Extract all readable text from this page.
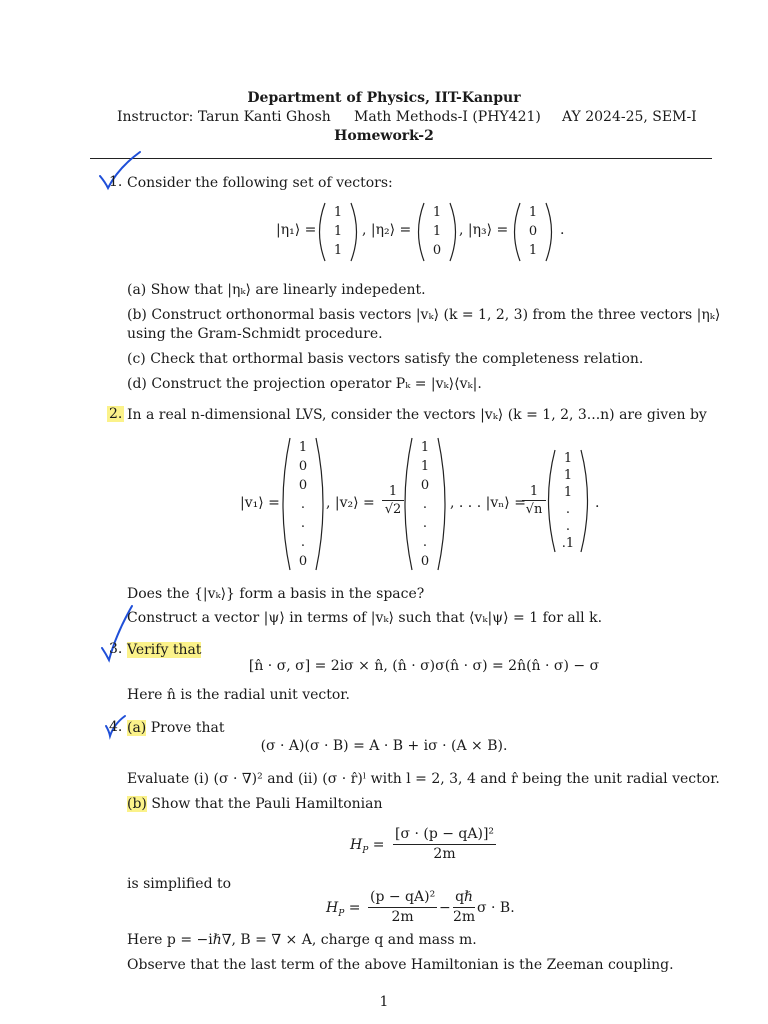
Department of Physics, IIT-Kanpur
Instructor: Tarun Kanti Ghosh Math Methods-I (PHY421) AY 2024-25, SEM-I
Homework-2
1. Consider the following set of vectors:
|η₁⟩ =
1
1
1
, |η₂⟩ =
1
1
0
, |η₃⟩ =
1
0
1
.
(a) Show that |ηₖ⟩ are linearly indepedent.
(b) Construct orthonormal basis vectors |vₖ⟩ (k = 1, 2, 3) from the three vectors |ηₖ⟩ using the Gram-Schmidt procedure.
(c) Check that orthormal basis vectors satisfy the completeness relation.
(d) Construct the projection operator Pₖ = |vₖ⟩⟨vₖ|.
2. In a real n-dimensional LVS, consider the vectors |vₖ⟩ (k = 1, 2, 3...n) are given by
|v₁⟩ =
1
0
0
.
.
.
0
, |v₂⟩ = $\frac{1}{√2}$
1
1
0
.
.
.
0
, . . . |vₙ⟩ =
$\frac{1}{√n}$
1
1
1
.
.
.1
.
Does the {|vₖ⟩} form a basis in the space?
Construct a vector |ψ⟩ in terms of |vₖ⟩ such that ⟨vₖ|ψ⟩ = 1 for all k.
3. Verify that
[n̂ · σ, σ] = 2iσ × n̂, (n̂ · σ)σ(n̂ · σ) = 2n̂(n̂ · σ) − σ
Here n̂ is the radial unit vector.
4. (a) Prove that
(σ · A)(σ · B) = A · B + iσ · (A × B).
Evaluate (i) (σ · ∇)² and (ii) (σ · r̂)ˡ with l = 2, 3, 4 and r̂ being the unit radial vector.
(b) Show that the Pauli Hamiltonian
$H_P = \frac{\text{[σ · (p − qA)]²}}{2m}$
is simplified to
$H_P = \frac{\text{(p − qA)²}}{2m}$ −
qℏ
2m
σ · B.
Here p = −iℏ∇, B = ∇ × A, charge q and mass m.
Observe that the last term of the above Hamiltonian is the Zeeman coupling.
1
